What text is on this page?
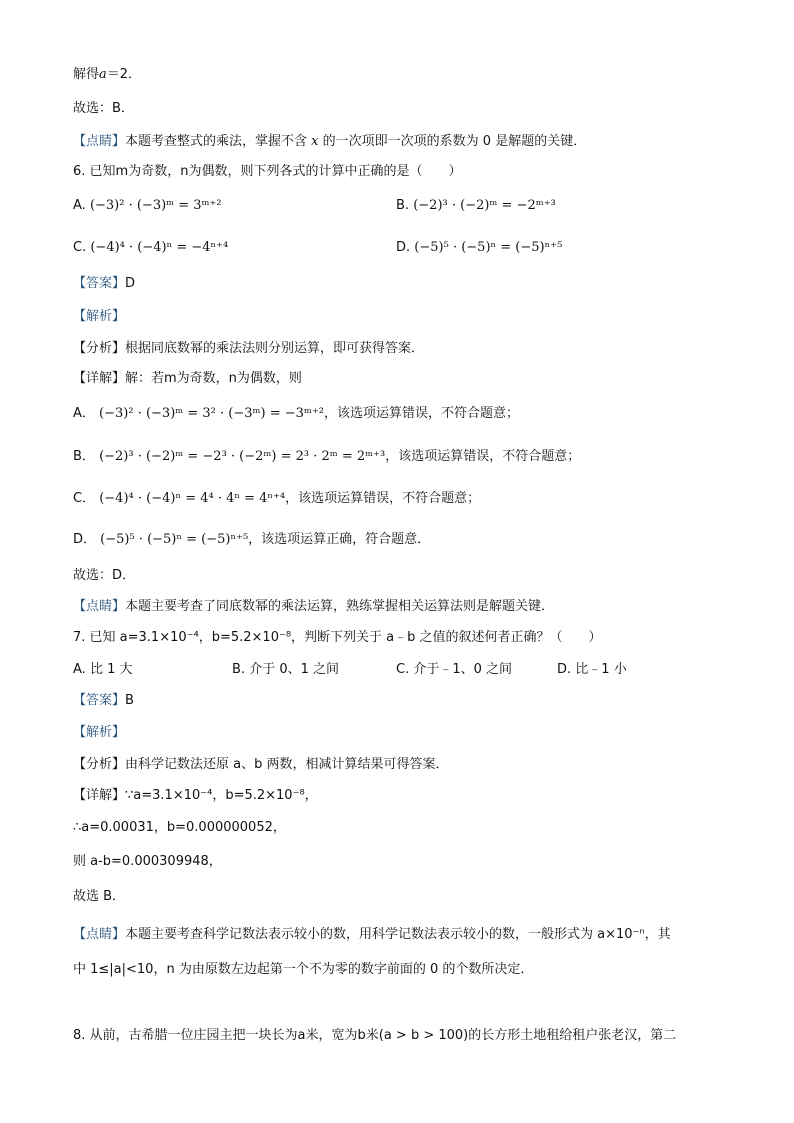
解得a＝2．
故选：B．
【点睛】本题考查整式的乘法，掌握不含 x 的一次项即一次项的系数为 0 是解题的关键．
6. 已知m为奇数，n为偶数，则下列各式的计算中正确的是（　　）
A. (−3)² · (−3)ᵐ = 3ᵐ⁺²	B. (−2)³ · (−2)ᵐ = −2ᵐ⁺³
C. (−4)⁴ · (−4)ⁿ = −4ⁿ⁺⁴	D. (−5)⁵ · (−5)ⁿ = (−5)ⁿ⁺⁵
【答案】D
【解析】
【分析】根据同底数幂的乘法法则分别运算，即可获得答案．
【详解】解：若m为奇数，n为偶数，则
A． (−3)² · (−3)ᵐ = 3² · (−3ᵐ) = −3ᵐ⁺²，该选项运算错误，不符合题意；
B． (−2)³ · (−2)ᵐ = −2³ · (−2ᵐ) = 2³ · 2ᵐ = 2ᵐ⁺³，该选项运算错误，不符合题意；
C． (−4)⁴ · (−4)ⁿ = 4⁴ · 4ⁿ = 4ⁿ⁺⁴，该选项运算错误，不符合题意；
D． (−5)⁵ · (−5)ⁿ = (−5)ⁿ⁺⁵，该选项运算正确，符合题意．
故选：D．
【点睛】本题主要考查了同底数幂的乘法运算，熟练掌握相关运算法则是解题关键．
7. 已知 a=3.1×10⁻⁴，b=5.2×10⁻⁸，判断下列关于 a﹣b 之值的叙述何者正确？（　　）
A. 比 1 大	B. 介于 0、1 之间	C. 介于﹣1、0 之间	D. 比﹣1 小
【答案】B
【解析】
【分析】由科学记数法还原 a、b 两数，相减计算结果可得答案．
【详解】∵a=3.1×10⁻⁴，b=5.2×10⁻⁸，
∴a=0.00031，b=0.000000052，
则 a-b=0.000309948，
故选 B．
【点睛】本题主要考查科学记数法表示较小的数，用科学记数法表示较小的数，一般形式为 a×10⁻ⁿ，其
中 1≤|a|<10，n 为由原数左边起第一个不为零的数字前面的 0 的个数所决定．
8. 从前，古希腊一位庄园主把一块长为a米，宽为b米(a > b > 100)的长方形土地租给租户张老汉，第二
